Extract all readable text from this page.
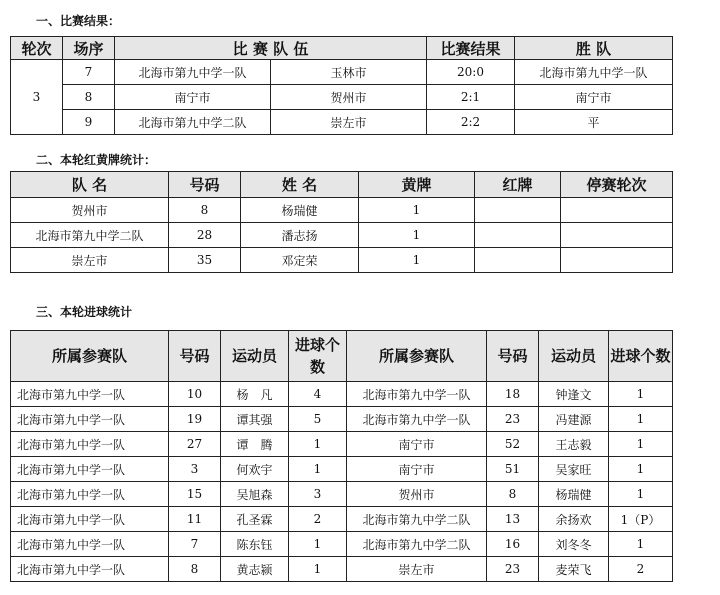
一、比赛结果：
轮次	场序	比 赛 队 伍		比赛结果	胜 队
3	7	北海市第九中学一队	玉林市	20:0	北海市第九中学一队
	8	南宁市	贺州市	2:1	南宁市
	9	北海市第九中学二队	崇左市	2:2	平
二、本轮红黄牌统计：
队 名	号码	姓 名	黄牌	红牌	停赛轮次
贺州市	8	杨瑞健	1		
北海市第九中学二队	28	潘志扬	1		
崇左市	35	邓定荣	1		
三、本轮进球统计
所属参赛队	号码	运动员	进球个数	所属参赛队	号码	运动员	进球个数
北海市第九中学一队	10	杨　凡	4	北海市第九中学一队	18	钟逢文	1
北海市第九中学一队	19	谭其强	5	北海市第九中学一队	23	冯建源	1
北海市第九中学一队	27	谭　腾	1	南宁市	52	王志毅	1
北海市第九中学一队	3	何欢宇	1	南宁市	51	吴家旺	1
北海市第九中学一队	15	吴旭森	3	贺州市	8	杨瑞健	1
北海市第九中学一队	11	孔圣霖	2	北海市第九中学二队	13	余扬欢	1（P）
北海市第九中学一队	7	陈东钰	1	北海市第九中学二队	16	刘冬冬	1
北海市第九中学一队	8	黄志颍	1	崇左市	23	麦荣飞	2
